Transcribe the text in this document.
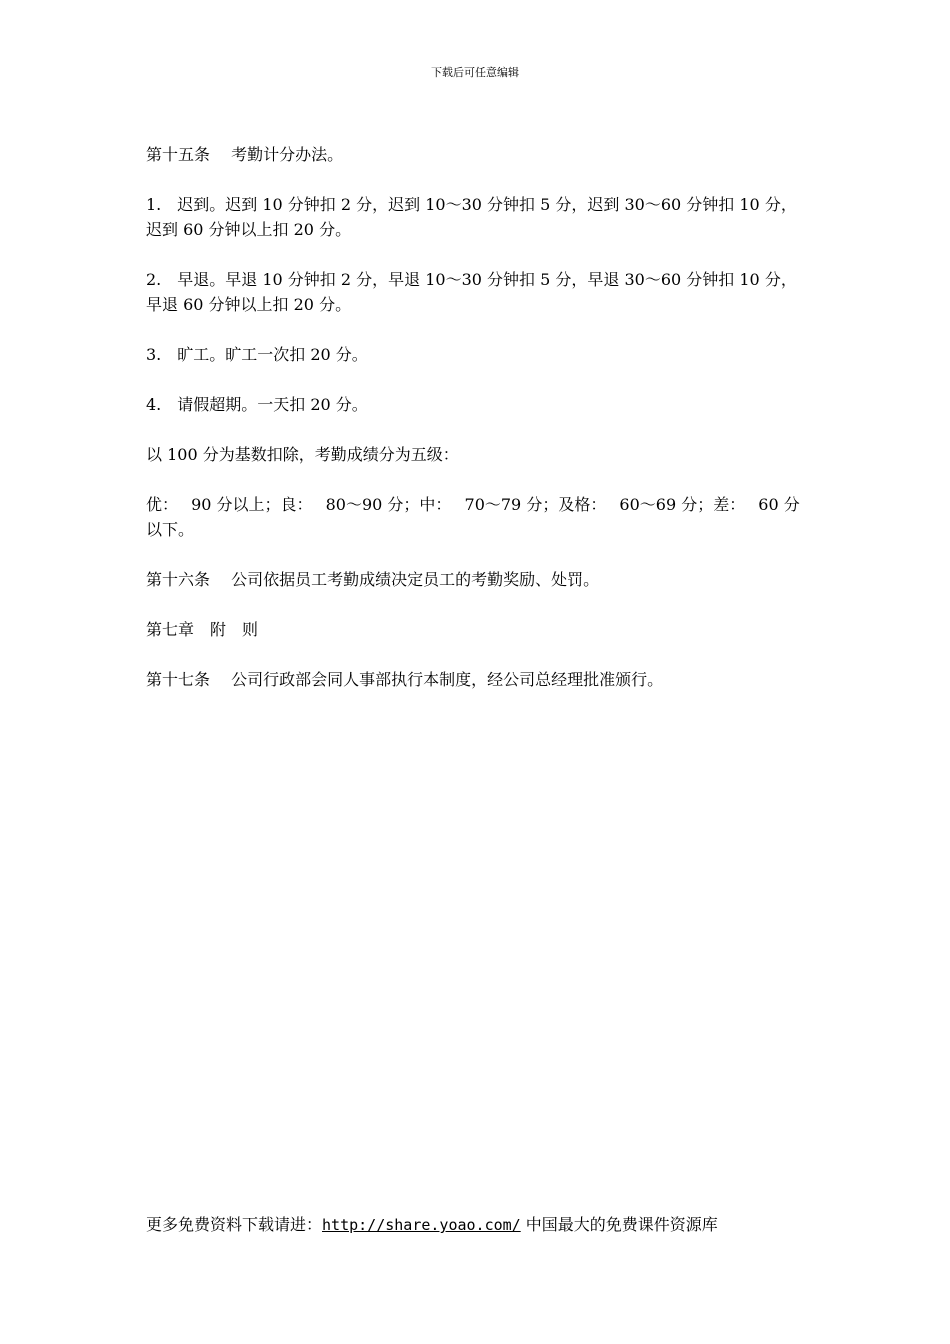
下载后可任意编辑

第十五条　 考勤计分办法。

1.　迟到。迟到 10 分钟扣 2 分，迟到 10～30 分钟扣 5 分，迟到 30～60 分钟扣 10 分，迟到 60 分钟以上扣 20 分。

2.　早退。早退 10 分钟扣 2 分，早退 10～30 分钟扣 5 分，早退 30～60 分钟扣 10 分，早退 60 分钟以上扣 20 分。

3.　旷工。旷工一次扣 20 分。

4.　请假超期。一天扣 20 分。

以 100 分为基数扣除，考勤成绩分为五级：

优：　 90 分以上；良：　 80～90 分；中：　 70～79 分；及格：　 60～69 分；差：　 60 分以下。

第十六条　 公司依据员工考勤成绩决定员工的考勤奖励、处罚。

第七章　附　则

第十七条　 公司行政部会同人事部执行本制度，经公司总经理批准颁行。

更多免费资料下载请进：http://share.yoao.com/ 中国最大的免费课件资源库
